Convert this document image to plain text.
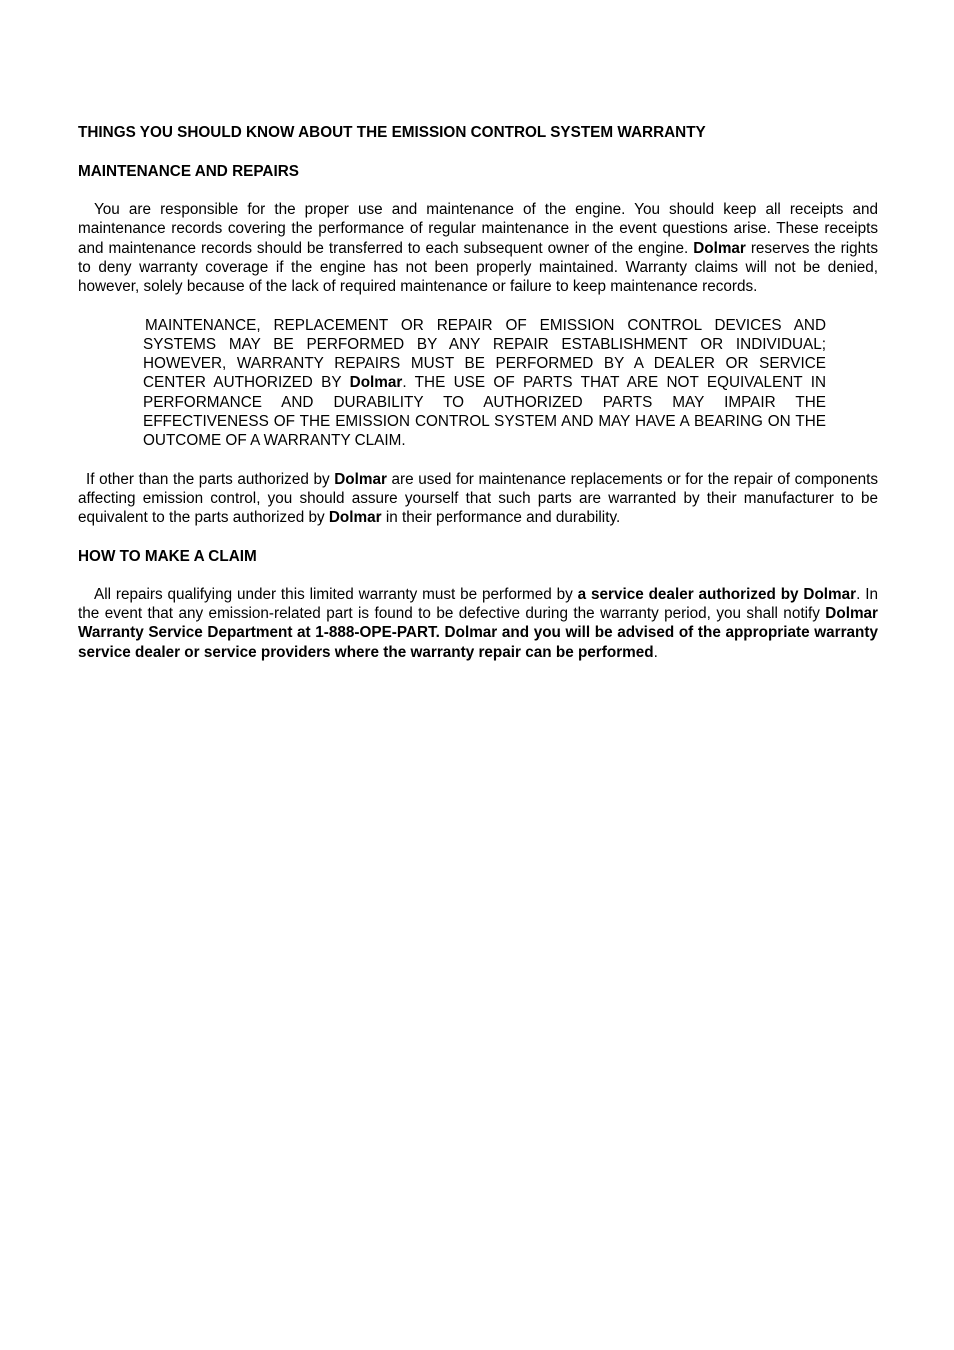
THINGS YOU SHOULD KNOW ABOUT THE EMISSION CONTROL SYSTEM WARRANTY
MAINTENANCE AND REPAIRS

You are responsible for the proper use and maintenance of the engine. You should keep all receipts and maintenance records covering the performance of regular maintenance in the event questions arise. These receipts and maintenance records should be transferred to each subsequent owner of the engine. Dolmar reserves the rights to deny warranty coverage if the engine has not been properly maintained. Warranty claims will not be denied, however, solely because of the lack of required maintenance or failure to keep maintenance records.

MAINTENANCE, REPLACEMENT OR REPAIR OF EMISSION CONTROL DEVICES AND SYSTEMS MAY BE PERFORMED BY ANY REPAIR ESTABLISHMENT OR INDIVIDUAL; HOWEVER, WARRANTY REPAIRS MUST BE PERFORMED BY A DEALER OR SERVICE CENTER AUTHORIZED BY Dolmar. THE USE OF PARTS THAT ARE NOT EQUIVALENT IN PERFORMANCE AND DURABILITY TO AUTHORIZED PARTS MAY IMPAIR THE EFFECTIVENESS OF THE EMISSION CONTROL SYSTEM AND MAY HAVE A BEARING ON THE OUTCOME OF A WARRANTY CLAIM.

If other than the parts authorized by Dolmar are used for maintenance replacements or for the repair of components affecting emission control, you should assure yourself that such parts are warranted by their manufacturer to be equivalent to the parts authorized by Dolmar in their performance and durability.

HOW TO MAKE A CLAIM

All repairs qualifying under this limited warranty must be performed by a service dealer authorized by Dolmar. In the event that any emission-related part is found to be defective during the warranty period, you shall notify Dolmar Warranty Service Department at 1-888-OPE-PART. Dolmar and you will be advised of the appropriate warranty service dealer or service providers where the warranty repair can be performed.
